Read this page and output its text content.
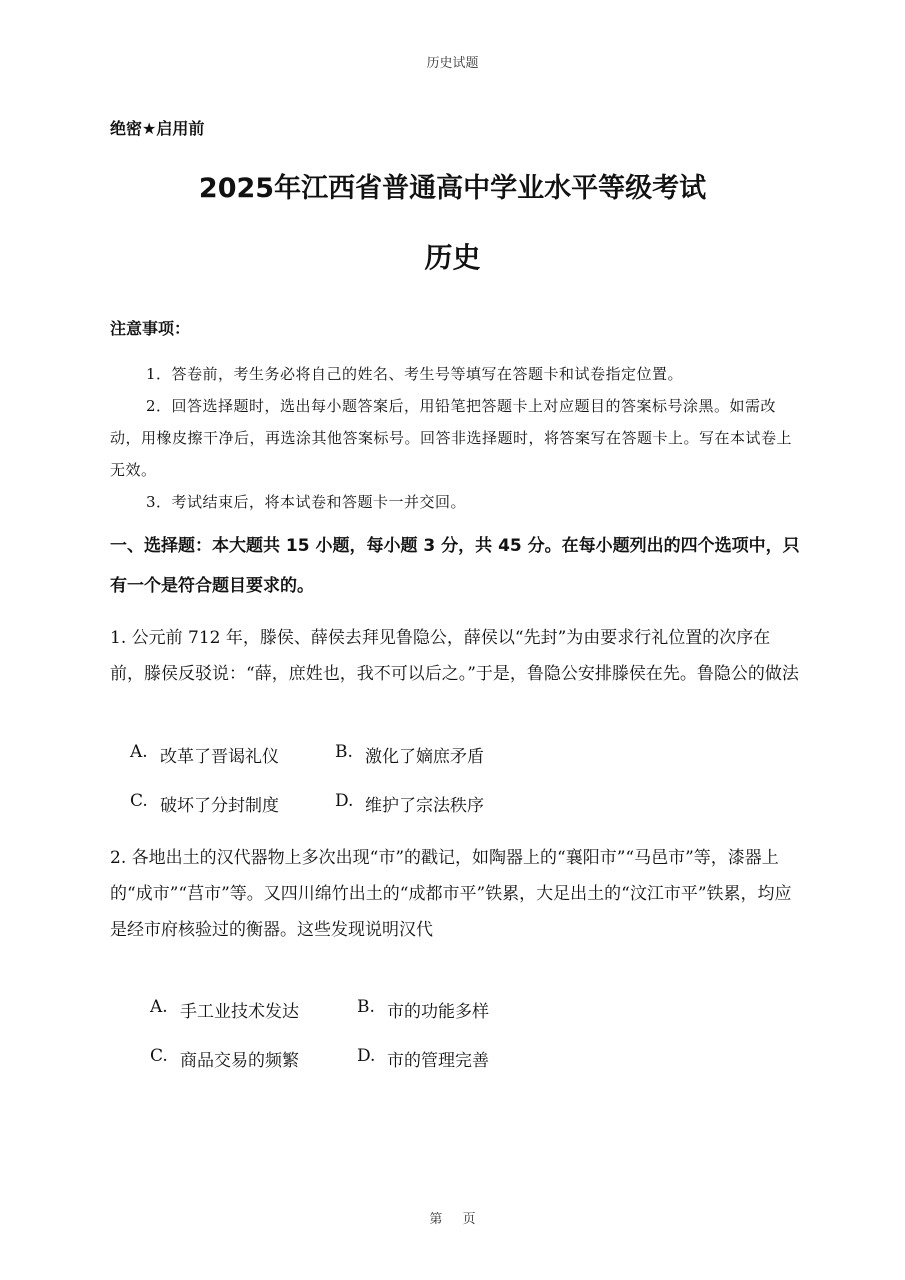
历史试题
绝密★启用前
2025年江西省普通高中学业水平等级考试
历史
注意事项：
1．答卷前，考生务必将自己的姓名、考生号等填写在答题卡和试卷指定位置。
2．回答选择题时，选出每小题答案后，用铅笔把答题卡上对应题目的答案标号涂黑。如需改动，用橡皮擦干净后，再选涂其他答案标号。回答非选择题时，将答案写在答题卡上。写在本试卷上无效。
3．考试结束后，将本试卷和答题卡一并交回。
一、选择题：本大题共 15 小题，每小题 3 分，共 45 分。在每小题列出的四个选项中，只有一个是符合题目要求的。
1. 公元前 712 年，滕侯、薛侯去拜见鲁隐公，薛侯以“先封”为由要求行礼位置的次序在前，滕侯反驳说：“薛，庶姓也，我不可以后之。”于是，鲁隐公安排滕侯在先。鲁隐公的做法
A. 改革了晋谒礼仪	B. 激化了嫡庶矛盾
C. 破坏了分封制度	D. 维护了宗法秩序
2. 各地出土的汉代器物上多次出现“市”的戳记，如陶器上的“襄阳市”“马邑市”等，漆器上的“成市”“莒市”等。又四川绵竹出土的“成都市平”铁累，大足出土的“汶江市平”铁累，均应是经市府核验过的衡器。这些发现说明汉代
A. 手工业技术发达	B. 市的功能多样
C. 商品交易的频繁	D. 市的管理完善
第 页
